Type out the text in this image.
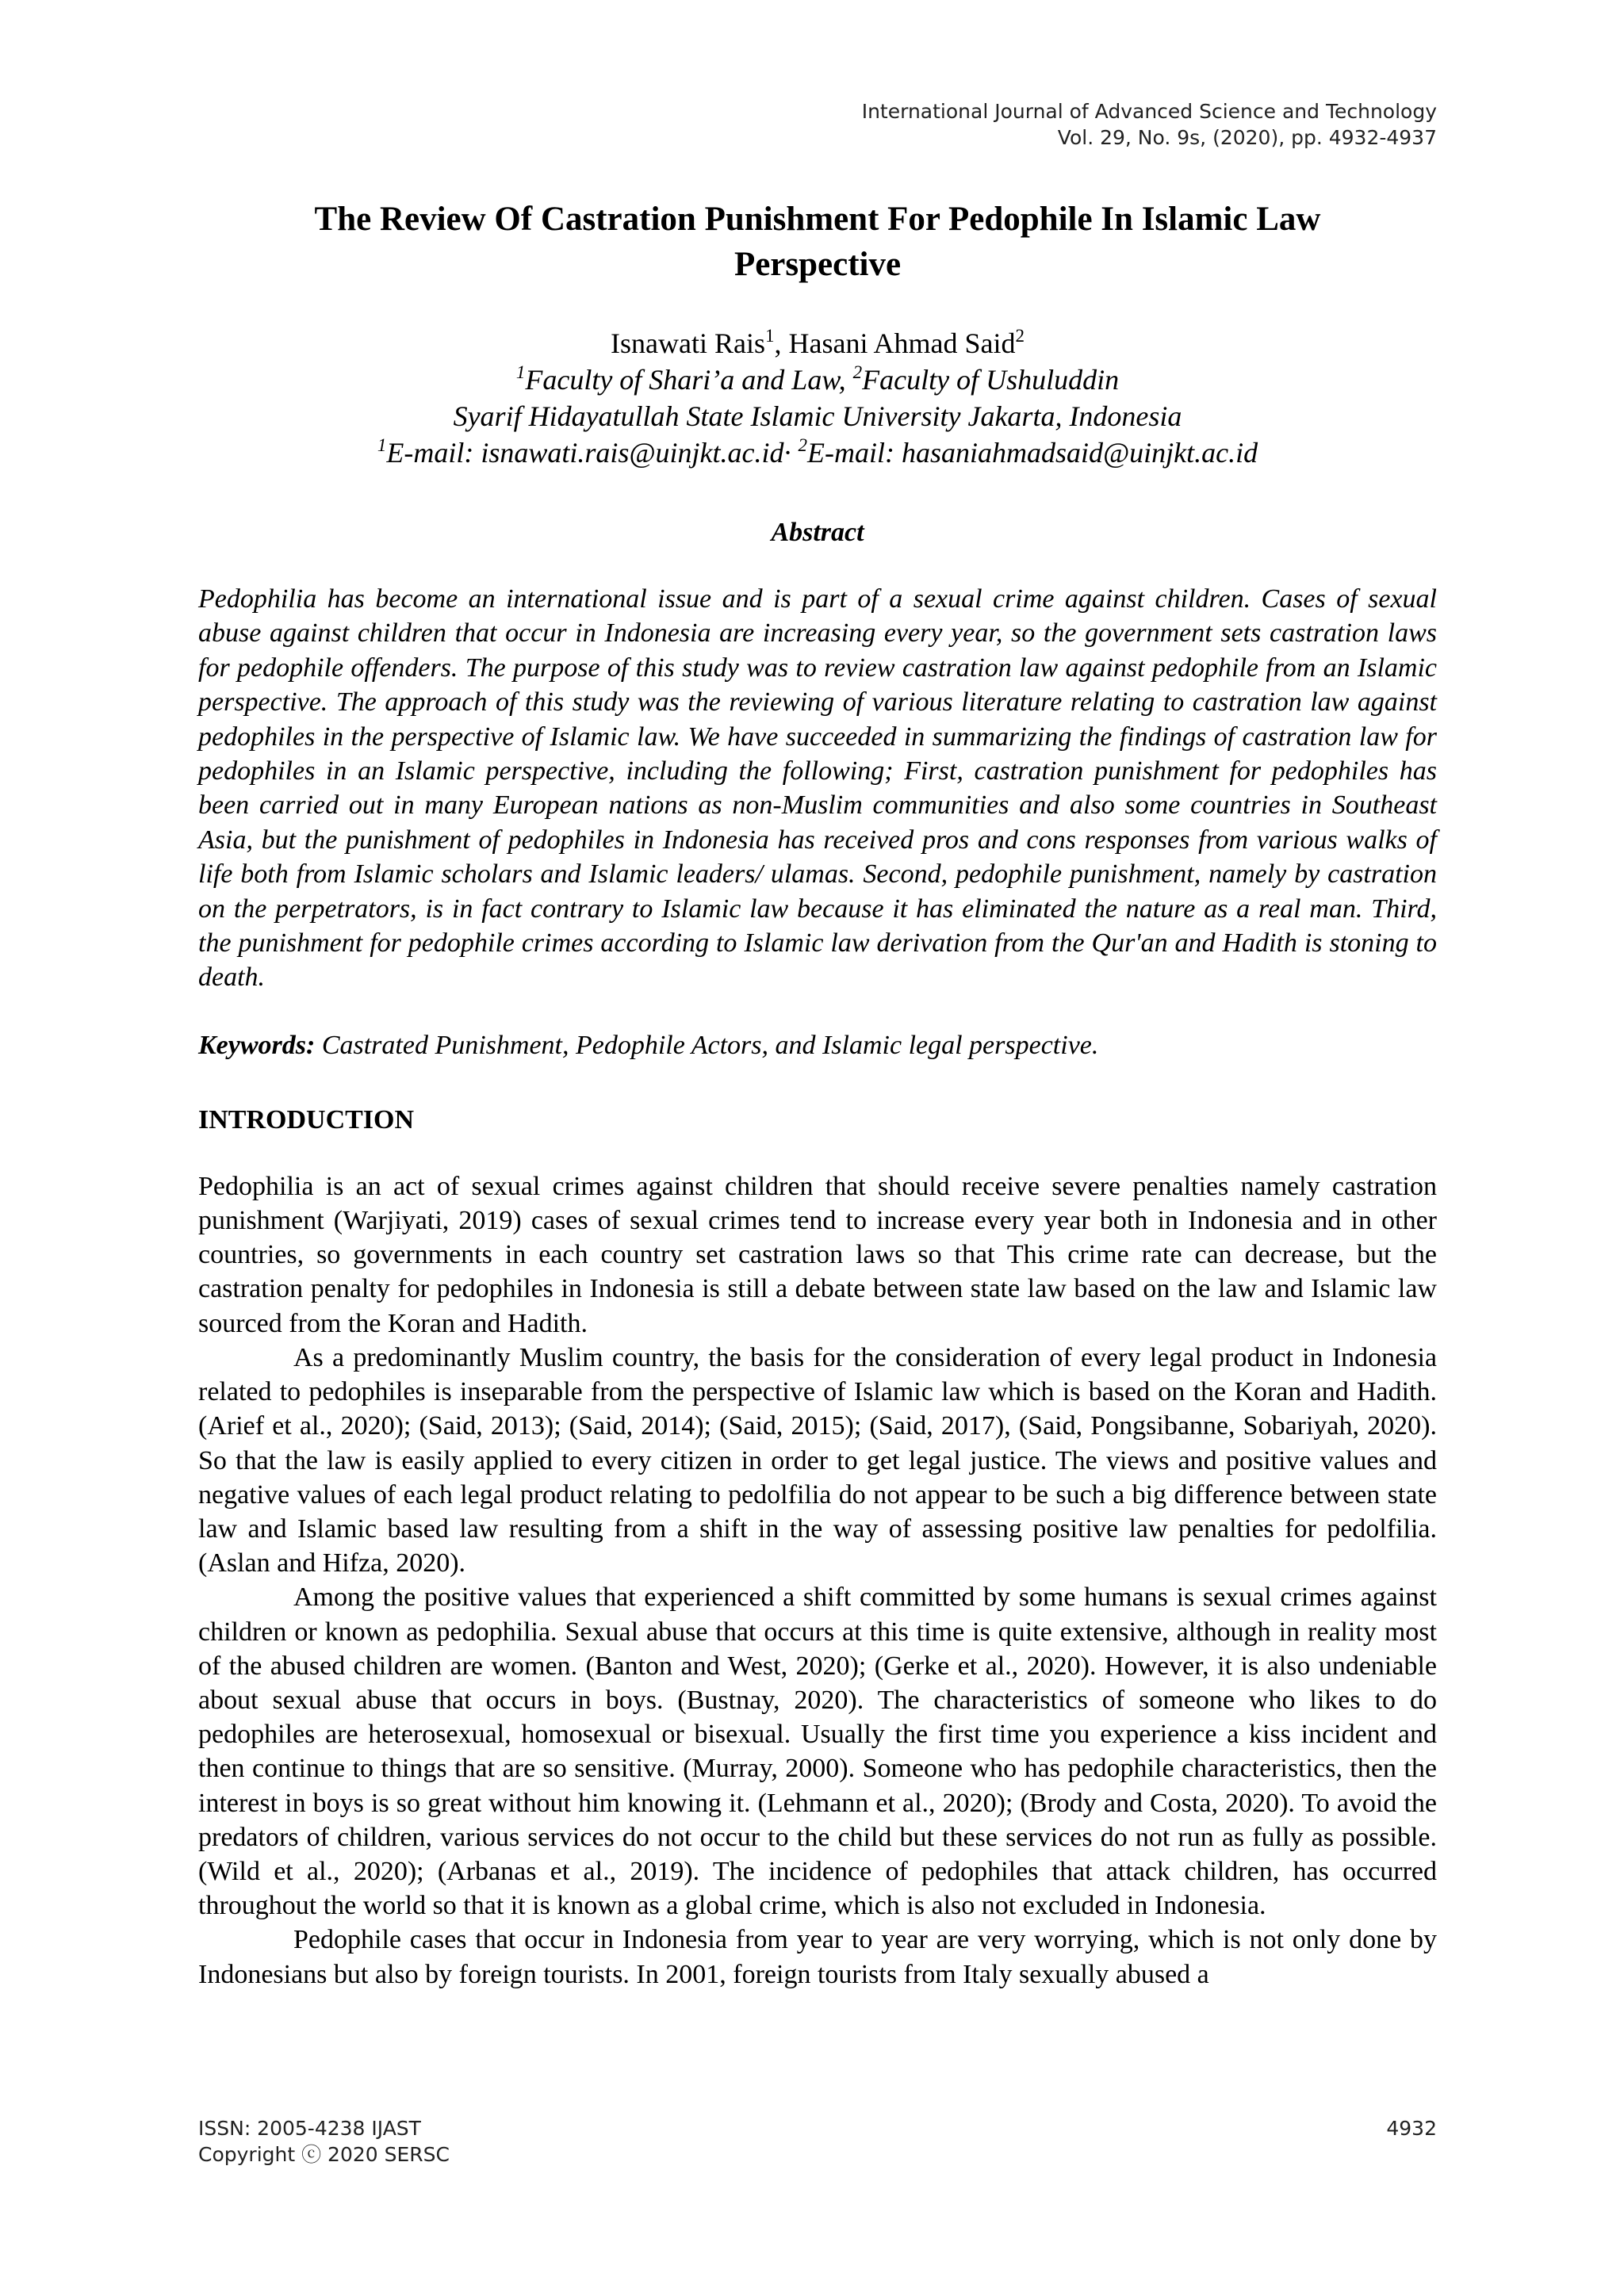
International Journal of Advanced Science and Technology
Vol. 29, No. 9s, (2020), pp. 4932-4937
The Review Of Castration Punishment For Pedophile In Islamic Law
Perspective
Isnawati Rais$^1$, Hasani Ahmad Said$^2$
$^1$Faculty of Shari’a and Law, $^2$Faculty of Ushuluddin
Syarif Hidayatullah State Islamic University Jakarta, Indonesia
$^1$E-mail: isnawati.rais@uinjkt.ac.id· $^2$E-mail: hasaniahmadsaid@uinjkt.ac.id
Abstract

Pedophilia has become an international issue and is part of a sexual crime against children. Cases of sexual abuse against children that occur in Indonesia are increasing every year, so the government sets castration laws for pedophile offenders. The purpose of this study was to review castration law against pedophile from an Islamic perspective. The approach of this study was the reviewing of various literature relating to castration law against pedophiles in the perspective of Islamic law. We have succeeded in summarizing the findings of castration law for pedophiles in an Islamic perspective, including the following; First, castration punishment for pedophiles has been carried out in many European nations as non-Muslim communities and also some countries in Southeast Asia, but the punishment of pedophiles in Indonesia has received pros and cons responses from various walks of life both from Islamic scholars and Islamic leaders/ ulamas. Second, pedophile punishment, namely by castration on the perpetrators, is in fact contrary to Islamic law because it has eliminated the nature as a real man. Third, the punishment for pedophile crimes according to Islamic law derivation from the Qur'an and Hadith is stoning to death.

Keywords: Castrated Punishment, Pedophile Actors, and Islamic legal perspective.
INTRODUCTION

Pedophilia is an act of sexual crimes against children that should receive severe penalties namely castration punishment (Warjiyati, 2019) cases of sexual crimes tend to increase every year both in Indonesia and in other countries, so governments in each country set castration laws so that This crime rate can decrease, but the castration penalty for pedophiles in Indonesia is still a debate between state law based on the law and Islamic law sourced from the Koran and Hadith.

As a predominantly Muslim country, the basis for the consideration of every legal product in Indonesia related to pedophiles is inseparable from the perspective of Islamic law which is based on the Koran and Hadith. (Arief et al., 2020); (Said, 2013); (Said, 2014); (Said, 2015); (Said, 2017), (Said, Pongsibanne, Sobariyah, 2020). So that the law is easily applied to every citizen in order to get legal justice. The views and positive values and negative values of each legal product relating to pedolfilia do not appear to be such a big difference between state law and Islamic based law resulting from a shift in the way of assessing positive law penalties for pedolfilia. (Aslan and Hifza, 2020).

Among the positive values that experienced a shift committed by some humans is sexual crimes against children or known as pedophilia. Sexual abuse that occurs at this time is quite extensive, although in reality most of the abused children are women. (Banton and West, 2020); (Gerke et al., 2020). However, it is also undeniable about sexual abuse that occurs in boys. (Bustnay, 2020). The characteristics of someone who likes to do pedophiles are heterosexual, homosexual or bisexual. Usually the first time you experience a kiss incident and then continue to things that are so sensitive. (Murray, 2000). Someone who has pedophile characteristics, then the interest in boys is so great without him knowing it. (Lehmann et al., 2020); (Brody and Costa, 2020). To avoid the predators of children, various services do not occur to the child but these services do not run as fully as possible. (Wild et al., 2020); (Arbanas et al., 2019). The incidence of pedophiles that attack children, has occurred throughout the world so that it is known as a global crime, which is also not excluded in Indonesia.

Pedophile cases that occur in Indonesia from year to year are very worrying, which is not only done by Indonesians but also by foreign tourists. In 2001, foreign tourists from Italy sexually abused a

ISSN: 2005-4238 IJAST
Copyright ⓒ 2020 SERSC
4932
